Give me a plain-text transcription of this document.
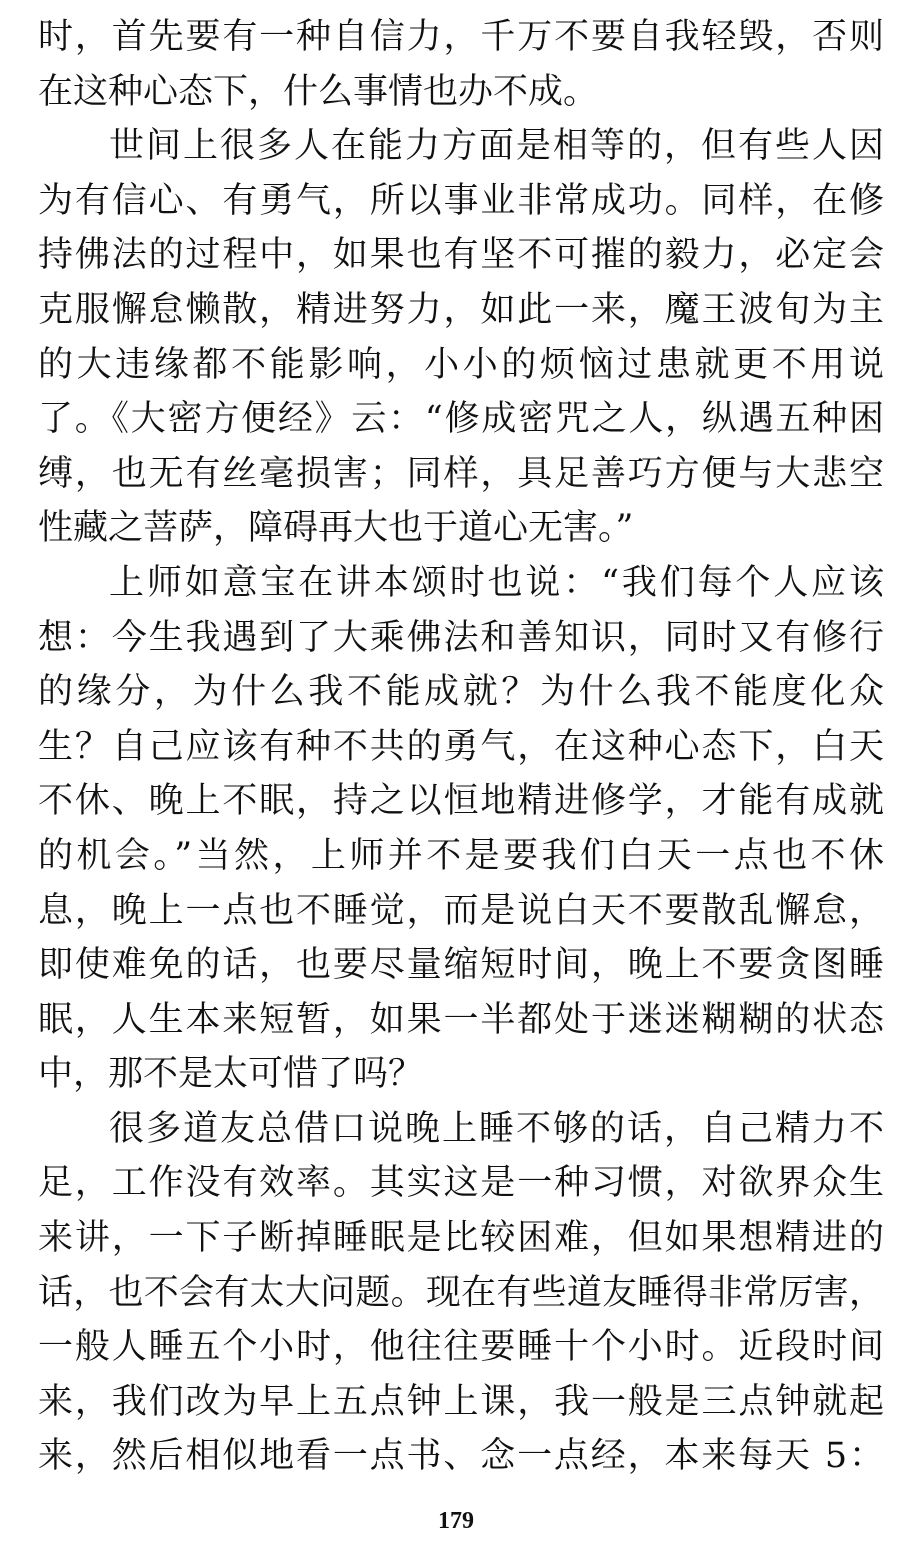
时，首先要有一种自信力，千万不要自我轻毁，否则
在这种心态下，什么事情也办不成。
世间上很多人在能力方面是相等的，但有些人因
为有信心、有勇气，所以事业非常成功。同样，在修
持佛法的过程中，如果也有坚不可摧的毅力，必定会
克服懈怠懒散，精进努力，如此一来，魔王波旬为主
的大违缘都不能影响，小小的烦恼过患就更不用说
了。《大密方便经》云：“修成密咒之人，纵遇五种困
缚，也无有丝毫损害；同样，具足善巧方便与大悲空
性藏之菩萨，障碍再大也于道心无害。”
上师如意宝在讲本颂时也说：“我们每个人应该
想：今生我遇到了大乘佛法和善知识，同时又有修行
的缘分，为什么我不能成就？为什么我不能度化众
生？自己应该有种不共的勇气，在这种心态下，白天
不休、晚上不眠，持之以恒地精进修学，才能有成就
的机会。”当然，上师并不是要我们白天一点也不休
息，晚上一点也不睡觉，而是说白天不要散乱懈怠，
即使难免的话，也要尽量缩短时间，晚上不要贪图睡
眠，人生本来短暂，如果一半都处于迷迷糊糊的状态
中，那不是太可惜了吗？
很多道友总借口说晚上睡不够的话，自己精力不
足，工作没有效率。其实这是一种习惯，对欲界众生
来讲，一下子断掉睡眠是比较困难，但如果想精进的
话，也不会有太大问题。现在有些道友睡得非常厉害，
一般人睡五个小时，他往往要睡十个小时。近段时间
来，我们改为早上五点钟上课，我一般是三点钟就起
来，然后相似地看一点书、念一点经，本来每天 5：
179
